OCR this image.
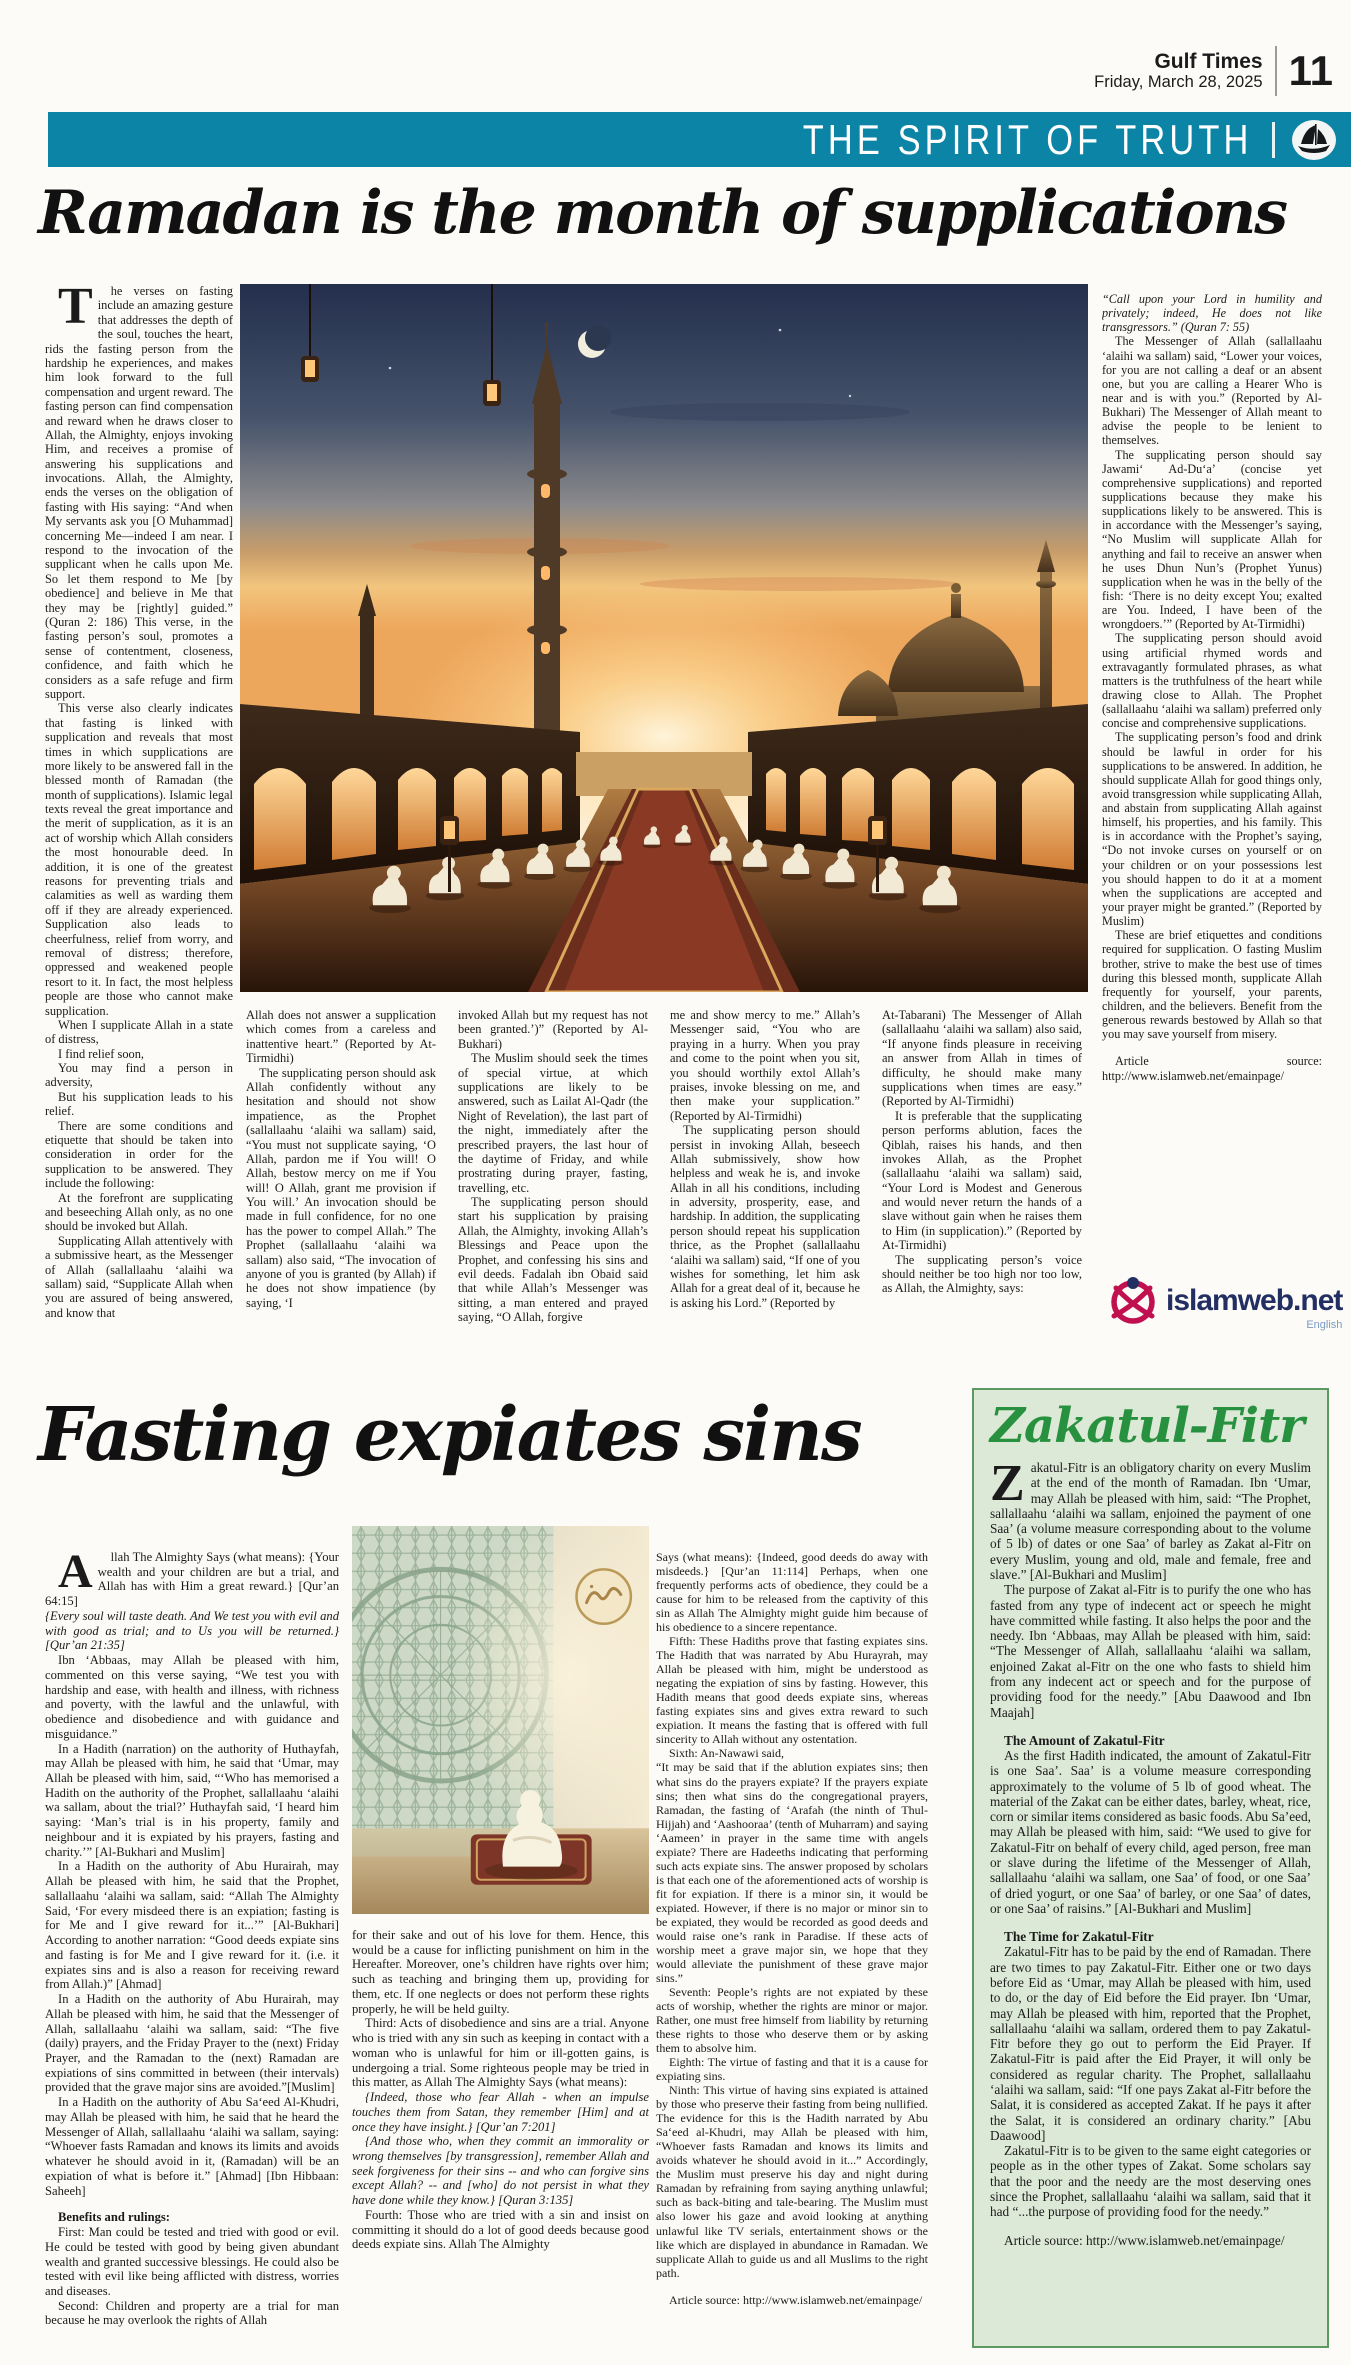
Gulf Times
Friday, March 28, 2025 11
THE SPIRIT OF TRUTH
Ramadan is the month of supplications

T	he verses on fasting include an amazing gesture that addresses the depth of the soul, touches the heart, rids the fasting person from the hardship he experiences, and makes him look forward to the full compensation and urgent reward. The fasting person can find compensation and reward when he draws closer to Allah, the Almighty, enjoys invoking Him, and receives a promise of answering his supplications and invocations. Allah, the Almighty, ends the verses on the obligation of fasting with His saying: “And when My servants ask you [O Muhammad] concerning Me—indeed I am near. I respond to the invocation of the supplicant when he calls upon Me. So let them respond to Me [by obedience] and believe in Me that they may be [rightly] guided.” (Quran 2: 186) This verse, in the fasting person’s soul, promotes a sense of contentment, closeness, confidence, and faith which he considers as a safe refuge and firm support.

This verse also clearly indicates that fasting is linked with supplication and reveals that most times in which supplications are more likely to be answered fall in the blessed month of Ramadan (the month of supplications). Islamic legal texts reveal the great importance and the merit of supplication, as it is an act of worship which Allah considers the most honourable deed. In addition, it is one of the greatest reasons for preventing trials and calamities as well as warding them off if they are already experienced. Supplication also leads to cheerfulness, relief from worry, and removal of distress; therefore, oppressed and weakened people resort to it. In fact, the most helpless people are those who cannot make supplication.

When I supplicate Allah in a state of distress,

I find relief soon,

You may find a person in adversity,

But his supplication leads to his relief.

There are some conditions and etiquette that should be taken into consideration in order for the supplication to be answered. They include the following:

At the forefront are supplicating and beseeching Allah only, as no one should be invoked but Allah.

Supplicating Allah attentively with a submissive heart, as the Messenger of Allah (sallallaahu ‘alaihi wa sallam) said, “Supplicate Allah when you are assured of being answered, and know that

Allah does not answer a supplication which comes from a careless and inattentive heart.” (Reported by At-Tirmidhi)

The supplicating person should ask Allah confidently without any hesitation and should not show impatience, as the Prophet (sallallaahu ‘alaihi wa sallam) said, “You must not supplicate saying, ‘O Allah, pardon me if You will! O Allah, bestow mercy on me if You will! O Allah, grant me provision if You will.’ An invocation should be made in full confidence, for no one has the power to compel Allah.” The Prophet (sallallaahu ‘alaihi wa sallam) also said, “The invocation of anyone of you is granted (by Allah) if he does not show impatience (by saying, ‘I

invoked Allah but my request has not been granted.’)” (Reported by Al-Bukhari)

The Muslim should seek the times of special virtue, at which supplications are likely to be answered, such as Lailat Al-Qadr (the Night of Revelation), the last part of the night, immediately after the prescribed prayers, the last hour of the daytime of Friday, and while prostrating during prayer, fasting, travelling, etc.

The supplicating person should start his supplication by praising Allah, the Almighty, invoking Allah’s Blessings and Peace upon the Prophet, and confessing his sins and evil deeds. Fadalah ibn Obaid said that while Allah’s Messenger was sitting, a man entered and prayed saying, “O Allah, forgive

me and show mercy to me.” Allah’s Messenger said, “You who are praying in a hurry. When you pray and come to the point when you sit, you should worthily extol Allah’s praises, invoke blessing on me, and then make your supplication.” (Reported by Al-Tirmidhi)

The supplicating person should persist in invoking Allah, beseech Allah submissively, show how helpless and weak he is, and invoke Allah in all his conditions, including in adversity, prosperity, ease, and hardship. In addition, the supplicating person should repeat his supplication thrice, as the Prophet (sallallaahu ‘alaihi wa sallam) said, “If one of you wishes for something, let him ask Allah for a great deal of it, because he is asking his Lord.” (Reported by

At-Tabarani) The Messenger of Allah (sallallaahu ‘alaihi wa sallam) also said, “If anyone finds pleasure in receiving an answer from Allah in times of difficulty, he should make many supplications when times are easy.” (Reported by Al-Tirmidhi)

It is preferable that the supplicating person performs ablution, faces the Qiblah, raises his hands, and then invokes Allah, as the Prophet (sallallaahu ‘alaihi wa sallam) said, “Your Lord is Modest and Generous and would never return the hands of a slave without gain when he raises them to Him (in supplication).” (Reported by At-Tirmidhi)

The supplicating person’s voice should neither be too high nor too low, as Allah, the Almighty, says:

“Call upon your Lord in humility and privately; indeed, He does not like transgressors.” (Quran 7: 55)

The Messenger of Allah (sallallaahu ‘alaihi wa sallam) said, “Lower your voices, for you are not calling a deaf or an absent one, but you are calling a Hearer Who is near and is with you.” (Reported by Al-Bukhari) The Messenger of Allah meant to advise the people to be lenient to themselves.

The supplicating person should say Jawami‘ Ad-Du‘a’ (concise yet comprehensive supplications) and reported supplications because they make his supplications likely to be answered. This is in accordance with the Messenger’s saying, “No Muslim will supplicate Allah for anything and fail to receive an answer when he uses Dhun Nun’s (Prophet Yunus) supplication when he was in the belly of the fish: ‘There is no deity except You; exalted are You. Indeed, I have been of the wrongdoers.’” (Reported by At-Tirmidhi)

The supplicating person should avoid using artificial rhymed words and extravagantly formulated phrases, as what matters is the truthfulness of the heart while drawing close to Allah. The Prophet (sallallaahu ‘alaihi wa sallam) preferred only concise and comprehensive supplications.

The supplicating person’s food and drink should be lawful in order for his supplications to be answered. In addition, he should supplicate Allah for good things only, avoid transgression while supplicating Allah, and abstain from supplicating Allah against himself, his properties, and his family. This is in accordance with the Prophet’s saying, “Do not invoke curses on yourself or on your children or on your possessions lest you should happen to do it at a moment when the supplications are accepted and your prayer might be granted.” (Reported by Muslim)

These are brief etiquettes and conditions required for supplication. O fasting Muslim brother, strive to make the best use of times during this blessed month, supplicate Allah frequently for yourself, your parents, children, and the believers. Benefit from the generous rewards bestowed by Allah so that you may save yourself from misery.

Article source: http://www.islamweb.net/emainpage/

islamweb.net
English
Fasting expiates sins

A	llah The Almighty Says (what means): {Your wealth and your children are but a trial, and Allah has with Him a great reward.} [Qur’an 64:15]

{Every soul will taste death. And We test you with evil and with good as trial; and to Us you will be returned.} [Qur’an 21:35]

Ibn ‘Abbaas, may Allah be pleased with him, commented on this verse saying, “We test you with hardship and ease, with health and illness, with richness and poverty, with the lawful and the unlawful, with obedience and disobedience and with guidance and misguidance.”

In a Hadith (narration) on the authority of Huthayfah, may Allah be pleased with him, he said that ‘Umar, may Allah be pleased with him, said, “‘Who has memorised a Hadith on the authority of the Prophet, sallallaahu ‘alaihi wa sallam, about the trial?’ Huthayfah said, ‘I heard him saying: ‘Man’s trial is in his property, family and neighbour and it is expiated by his prayers, fasting and charity.’” [Al-Bukhari and Muslim]

In a Hadith on the authority of Abu Hurairah, may Allah be pleased with him, he said that the Prophet, sallallaahu ‘alaihi wa sallam, said: “Allah The Almighty Said, ‘For every misdeed there is an expiation; fasting is for Me and I give reward for it...’” [Al-Bukhari] According to another narration: “Good deeds expiate sins and fasting is for Me and I give reward for it. (i.e. it expiates sins and is also a reason for receiving reward from Allah.)” [Ahmad]

In a Hadith on the authority of Abu Hurairah, may Allah be pleased with him, he said that the Messenger of Allah, sallallaahu ‘alaihi wa sallam, said: “The five (daily) prayers, and the Friday Prayer to the (next) Friday Prayer, and the Ramadan to the (next) Ramadan are expiations of sins committed in between (their intervals) provided that the grave major sins are avoided.”[Muslim]

In a Hadith on the authority of Abu Sa‘eed Al-Khudri, may Allah be pleased with him, he said that he heard the Messenger of Allah, sallallaahu ‘alaihi wa sallam, saying: “Whoever fasts Ramadan and knows its limits and avoids whatever he should avoid in it, (Ramadan) will be an expiation of what is before it.” [Ahmad] [Ibn Hibbaan: Saheeh]

Benefits and rulings:

First: Man could be tested and tried with good or evil. He could be tested with good by being given abundant wealth and granted successive blessings. He could also be tested with evil like being afflicted with distress, worries and diseases.

Second: Children and property are a trial for man because he may overlook the rights of Allah

for their sake and out of his love for them. Hence, this would be a cause for inflicting punishment on him in the Hereafter. Moreover, one’s children have rights over him; such as teaching and bringing them up, providing for them, etc. If one neglects or does not perform these rights properly, he will be held guilty.

Third: Acts of disobedience and sins are a trial. Anyone who is tried with any sin such as keeping in contact with a woman who is unlawful for him or ill-gotten gains, is undergoing a trial. Some righteous people may be tried in this matter, as Allah The Almighty Says (what means):

{Indeed, those who fear Allah - when an impulse touches them from Satan, they remember [Him] and at once they have insight.} [Qur’an 7:201]

{And those who, when they commit an immorality or wrong themselves [by transgression], remember Allah and seek forgiveness for their sins -- and who can forgive sins except Allah? -- and [who] do not persist in what they have done while they know.} [Quran 3:135]

Fourth: Those who are tried with a sin and insist on committing it should do a lot of good deeds because good deeds expiate sins. Allah The Almighty

Says (what means): {Indeed, good deeds do away with misdeeds.} [Qur’an 11:114] Perhaps, when one frequently performs acts of obedience, they could be a cause for him to be released from the captivity of this sin as Allah The Almighty might guide him because of his obedience to a sincere repentance.

Fifth: These Hadiths prove that fasting expiates sins. The Hadith that was narrated by Abu Hurayrah, may Allah be pleased with him, might be understood as negating the expiation of sins by fasting. However, this Hadith means that good deeds expiate sins, whereas fasting expiates sins and gives extra reward to such expiation. It means the fasting that is offered with full sincerity to Allah without any ostentation.

Sixth: An-Nawawi said,

“It may be said that if the ablution expiates sins; then what sins do the prayers expiate? If the prayers expiate sins; then what sins do the congregational prayers, Ramadan, the fasting of ‘Arafah (the ninth of Thul-Hijjah) and ‘Aashooraa’ (tenth of Muharram) and saying ‘Aameen’ in prayer in the same time with angels expiate? There are Hadeeths indicating that performing such acts expiate sins. The answer proposed by scholars is that each one of the aforementioned acts of worship is fit for expiation. If there is a minor sin, it would be expiated. However, if there is no major or minor sin to be expiated, they would be recorded as good deeds and would raise one’s rank in Paradise. If these acts of worship meet a grave major sin, we hope that they would alleviate the punishment of these grave major sins.”

Seventh: People’s rights are not expiated by these acts of worship, whether the rights are minor or major. Rather, one must free himself from liability by returning these rights to those who deserve them or by asking them to absolve him.

Eighth: The virtue of fasting and that it is a cause for expiating sins.

Ninth: This virtue of having sins expiated is attained by those who preserve their fasting from being nullified. The evidence for this is the Hadith narrated by Abu Sa‘eed al-Khudri, may Allah be pleased with him, “Whoever fasts Ramadan and knows its limits and avoids whatever he should avoid in it...” Accordingly, the Muslim must preserve his day and night during Ramadan by refraining from saying anything unlawful; such as back-biting and tale-bearing. The Muslim must also lower his gaze and avoid looking at anything unlawful like TV serials, entertainment shows or the like which are displayed in abundance in Ramadan. We supplicate Allah to guide us and all Muslims to the right path.

Article source: http://www.islamweb.net/emainpage/

Zakatul-Fitr

Zakatul-Fitr is an obligatory charity on every Muslim at the end of the month of Ramadan. Ibn ‘Umar, may Allah be pleased with him, said: “The Prophet, sallallaahu ‘alaihi wa sallam, enjoined the payment of one Saa’ (a volume measure corresponding about to the volume of 5 lb) of dates or one Saa’ of barley as Zakat al-Fitr on every Muslim, young and old, male and female, free and slave.” [Al-Bukhari and Muslim]

The purpose of Zakat al-Fitr is to purify the one who has fasted from any type of indecent act or speech he might have committed while fasting. It also helps the poor and the needy. Ibn ‘Abbaas, may Allah be pleased with him, said: “The Messenger of Allah, sallallaahu ‘alaihi wa sallam, enjoined Zakat al-Fitr on the one who fasts to shield him from any indecent act or speech and for the purpose of providing food for the needy.” [Abu Daawood and Ibn Maajah]

The Amount of Zakatul-Fitr

As the first Hadith indicated, the amount of Zakatul-Fitr is one Saa’. Saa’ is a volume measure corresponding approximately to the volume of 5 lb of good wheat. The material of the Zakat can be either dates, barley, wheat, rice, corn or similar items considered as basic foods. Abu Sa’eed, may Allah be pleased with him, said: “We used to give for Zakatul-Fitr on behalf of every child, aged person, free man or slave during the lifetime of the Messenger of Allah, sallallaahu ‘alaihi wa sallam, one Saa’ of food, or one Saa’ of dried yogurt, or one Saa’ of barley, or one Saa’ of dates, or one Saa’ of raisins.” [Al-Bukhari and Muslim]

The Time for Zakatul-Fitr

Zakatul-Fitr has to be paid by the end of Ramadan. There are two times to pay Zakatul-Fitr. Either one or two days before Eid as ‘Umar, may Allah be pleased with him, used to do, or the day of Eid before the Eid prayer. Ibn ‘Umar, may Allah be pleased with him, reported that the Prophet, sallallaahu ‘alaihi wa sallam, ordered them to pay Zakatul-Fitr before they go out to perform the Eid Prayer. If Zakatul-Fitr is paid after the Eid Prayer, it will only be considered as regular charity. The Prophet, sallallaahu ‘alaihi wa sallam, said: “If one pays Zakat al-Fitr before the Salat, it is considered as accepted Zakat. If he pays it after the Salat, it is considered an ordinary charity.” [Abu Daawood]

Zakatul-Fitr is to be given to the same eight categories or people as in the other types of Zakat. Some scholars say that the poor and the needy are the most deserving ones since the Prophet, sallallaahu ‘alaihi wa sallam, said that it had “...the purpose of providing food for the needy.”

Article source: http://www.islamweb.net/emainpage/
